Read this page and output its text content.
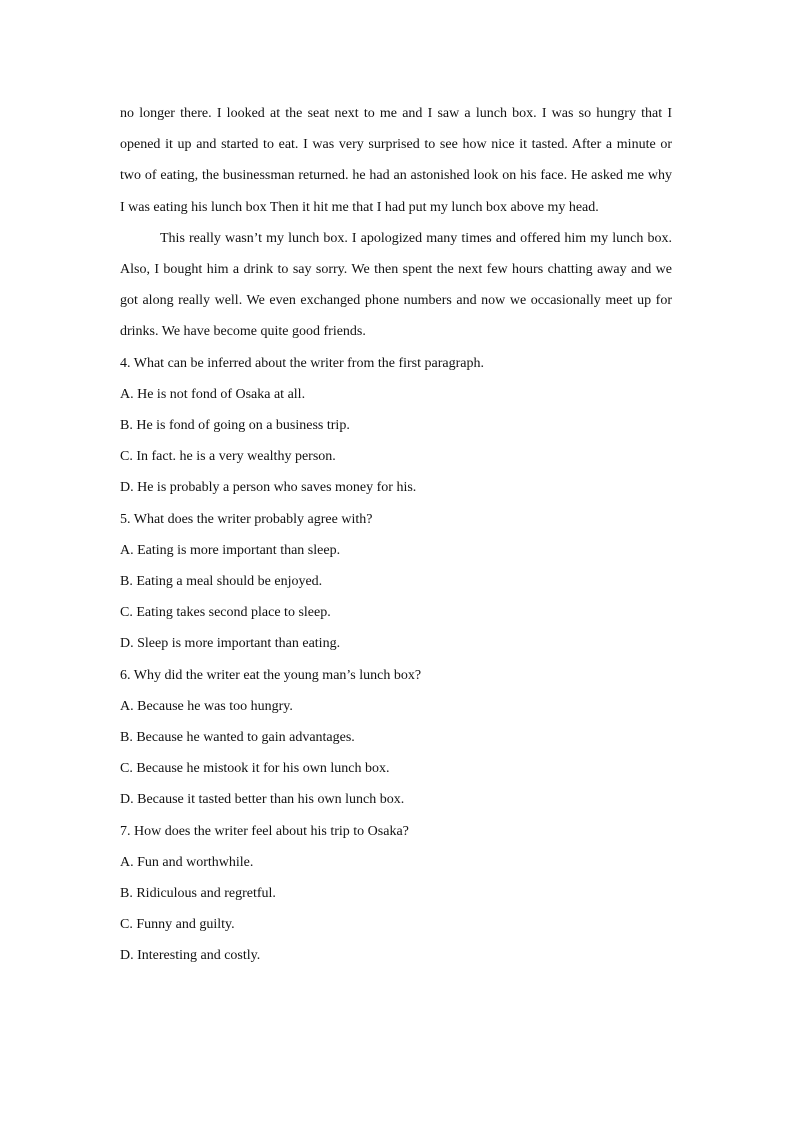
no longer there. I looked at the seat next to me and I saw a lunch box. I was so hungry that I opened it up and started to eat. I was very surprised to see how nice it tasted. After a minute or two of eating, the businessman returned. he had an astonished look on his face. He asked me why I was eating his lunch box Then it hit me that I had put my lunch box above my head.

This really wasn’t my lunch box. I apologized many times and offered him my lunch box. Also, I bought him a drink to say sorry. We then spent the next few hours chatting away and we got along really well. We even exchanged phone numbers and now we occasionally meet up for drinks. We have become quite good friends.

4. What can be inferred about the writer from the first paragraph.

A. He is not fond of Osaka at all.

B. He is fond of going on a business trip.

C. In fact. he is a very wealthy person.

D. He is probably a person who saves money for his.

5. What does the writer probably agree with?

A. Eating is more important than sleep.

B. Eating a meal should be enjoyed.

C. Eating takes second place to sleep.

D. Sleep is more important than eating.

6. Why did the writer eat the young man’s lunch box?

A. Because he was too hungry.

B. Because he wanted to gain advantages.

C. Because he mistook it for his own lunch box.

D. Because it tasted better than his own lunch box.

7. How does the writer feel about his trip to Osaka?

A. Fun and worthwhile.

B. Ridiculous and regretful.

C. Funny and guilty.

D. Interesting and costly.
